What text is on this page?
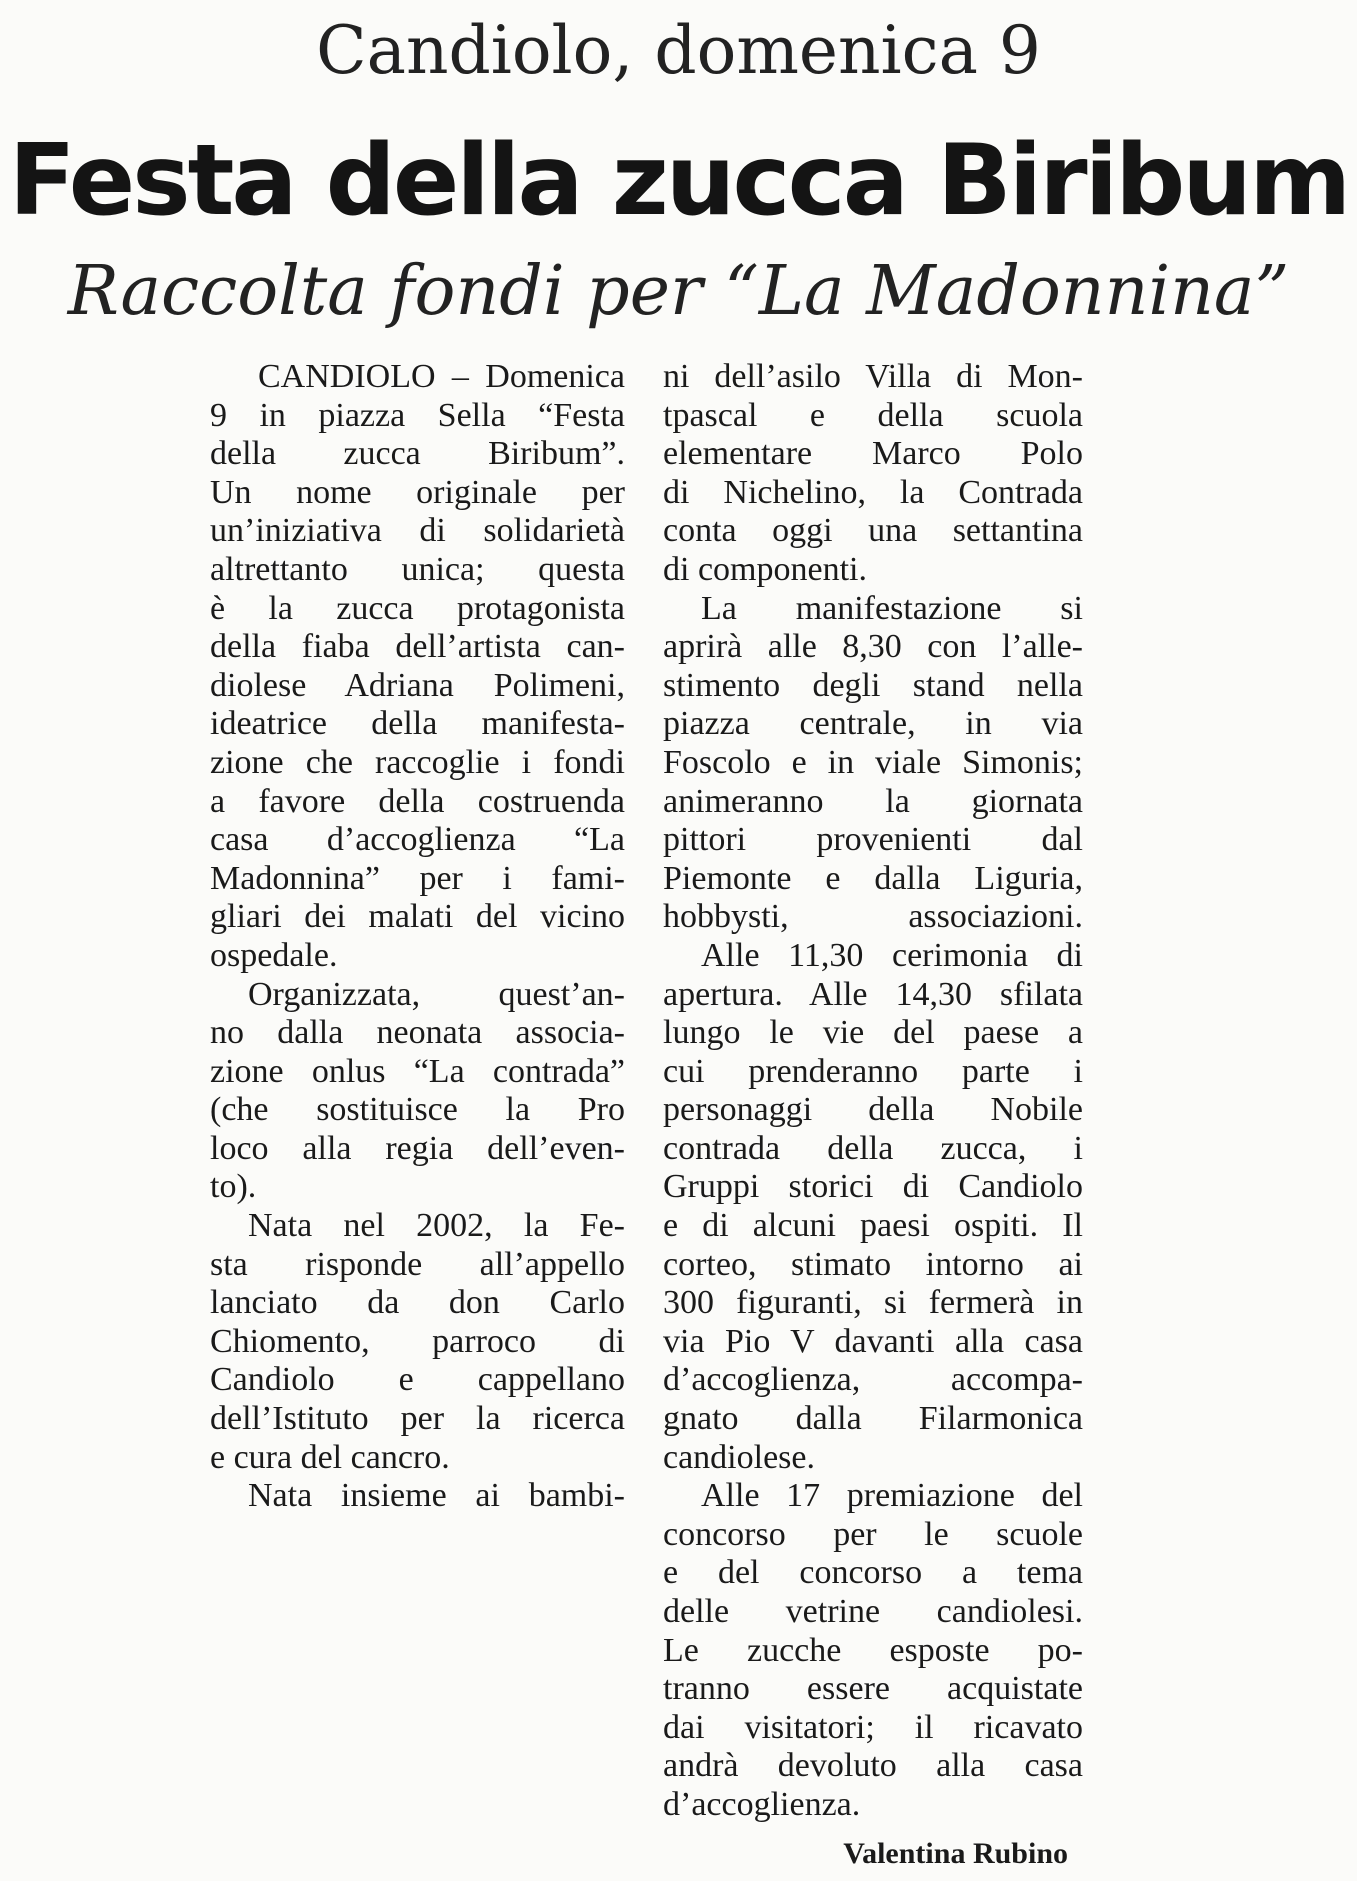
Candiolo, domenica 9
Festa della zucca Biribum
Raccolta fondi per “La Madonnina”
CANDIOLO – Domenica
9 in piazza Sella “Festa
della zucca Biribum”.
Un nome originale per
un’iniziativa di solidarietà
altrettanto unica; questa
è la zucca protagonista
della fiaba dell’artista can-
diolese Adriana Polimeni,
ideatrice della manifesta-
zione che raccoglie i fondi
a favore della costruenda
casa d’accoglienza “La
Madonnina” per i fami-
gliari dei malati del vicino
ospedale.
Organizzata, quest’an-
no dalla neonata associa-
zione onlus “La contrada”
(che sostituisce la Pro
loco alla regia dell’even-
to).
Nata nel 2002, la Fe-
sta risponde all’appello
lanciato da don Carlo
Chiomento, parroco di
Candiolo e cappellano
dell’Istituto per la ricerca
e cura del cancro.
Nata insieme ai bambi-
ni dell’asilo Villa di Mon-
tpascal e della scuola
elementare Marco Polo
di Nichelino, la Contrada
conta oggi una settantina
di componenti.
La manifestazione si
aprirà alle 8,30 con l’alle-
stimento degli stand nella
piazza centrale, in via
Foscolo e in viale Simonis;
animeranno la giornata
pittori provenienti dal
Piemonte e dalla Liguria,
hobbysti, associazioni.
Alle 11,30 cerimonia di
apertura. Alle 14,30 sfilata
lungo le vie del paese a
cui prenderanno parte i
personaggi della Nobile
contrada della zucca, i
Gruppi storici di Candiolo
e di alcuni paesi ospiti. Il
corteo, stimato intorno ai
300 figuranti, si fermerà in
via Pio V davanti alla casa
d’accoglienza, accompa-
gnato dalla Filarmonica
candiolese.
Alle 17 premiazione del
concorso per le scuole
e del concorso a tema
delle vetrine candiolesi.
Le zucche esposte po-
tranno essere acquistate
dai visitatori; il ricavato
andrà devoluto alla casa
d’accoglienza.
Valentina Rubino
